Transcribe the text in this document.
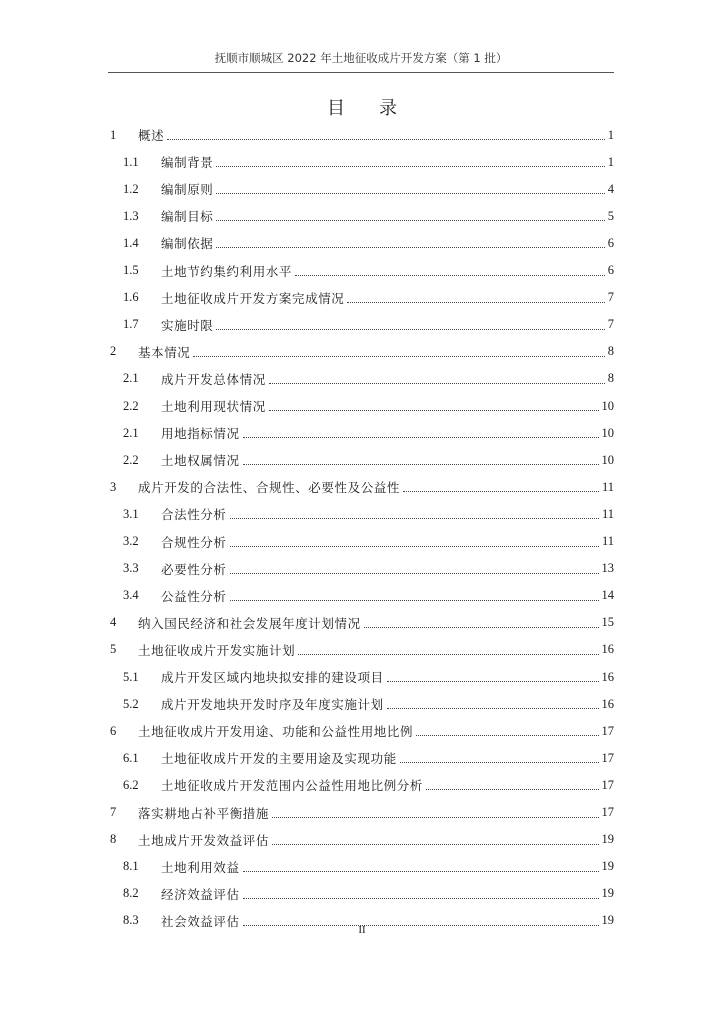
抚顺市顺城区 2022 年土地征收成片开发方案（第 1 批）
目录
1	概述	1
1.1	编制背景	1
1.2	编制原则	4
1.3	编制目标	5
1.4	编制依据	6
1.5	土地节约集约利用水平	6
1.6	土地征收成片开发方案完成情况	7
1.7	实施时限	7
2	基本情况	8
2.1	成片开发总体情况	8
2.2	土地利用现状情况	10
2.1	用地指标情况	10
2.2	土地权属情况	10
3	成片开发的合法性、合规性、必要性及公益性	11
3.1	合法性分析	11
3.2	合规性分析	11
3.3	必要性分析	13
3.4	公益性分析	14
4	纳入国民经济和社会发展年度计划情况	15
5	土地征收成片开发实施计划	16
5.1	成片开发区域内地块拟安排的建设项目	16
5.2	成片开发地块开发时序及年度实施计划	16
6	土地征收成片开发用途、功能和公益性用地比例	17
6.1	土地征收成片开发的主要用途及实现功能	17
6.2	土地征收成片开发范围内公益性用地比例分析	17
7	落实耕地占补平衡措施	17
8	土地成片开发效益评估	19
8.1	土地利用效益	19
8.2	经济效益评估	19
8.3	社会效益评估	19
II
